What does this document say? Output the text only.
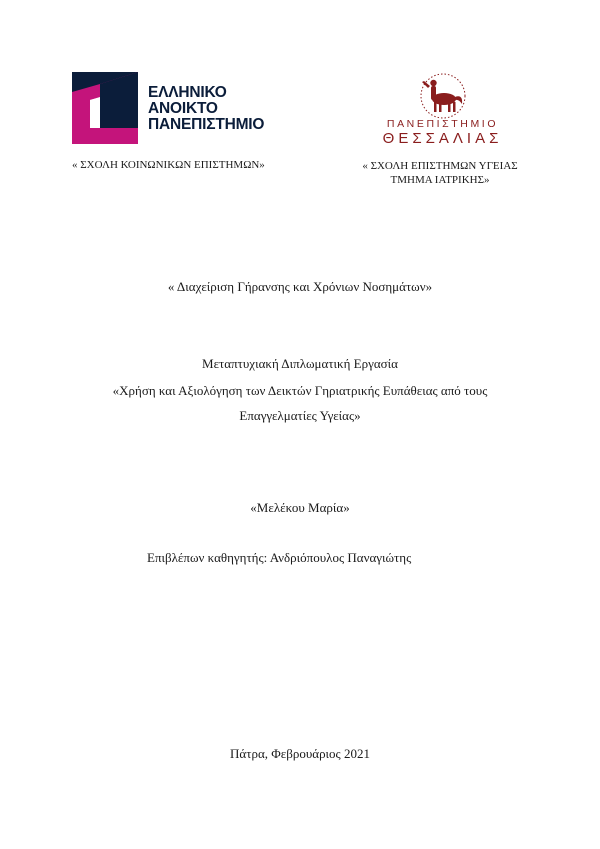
ΕΛΛΗΝΙΚΟ
ΑΝΟΙΚΤΟ
ΠΑΝΕΠΙΣΤΗΜΙΟ	ΠΑΝΕΠΙΣΤΗΜΙΟ
ΘΕΣΣΑΛΙΑΣ
« ΣΧΟΛΗ ΚΟΙΝΩΝΙΚΩΝ ΕΠΙΣΤΗΜΩΝ»	« ΣΧΟΛΗ ΕΠΙΣΤΗΜΩΝ ΥΓΕΙΑΣ
ΤΜΗΜΑ ΙΑΤΡΙΚΗΣ»
« Διαχείριση Γήρανσης και Χρόνιων Νοσημάτων»
Μεταπτυχιακή Διπλωματική Εργασία
«Χρήση και Αξιολόγηση των Δεικτών Γηριατρικής Ευπάθειας από τους
Επαγγελματίες Υγείας»
«Μελέκου Μαρία»
Επιβλέπων καθηγητής: Ανδριόπουλος Παναγιώτης
Πάτρα, Φεβρουάριος 2021
